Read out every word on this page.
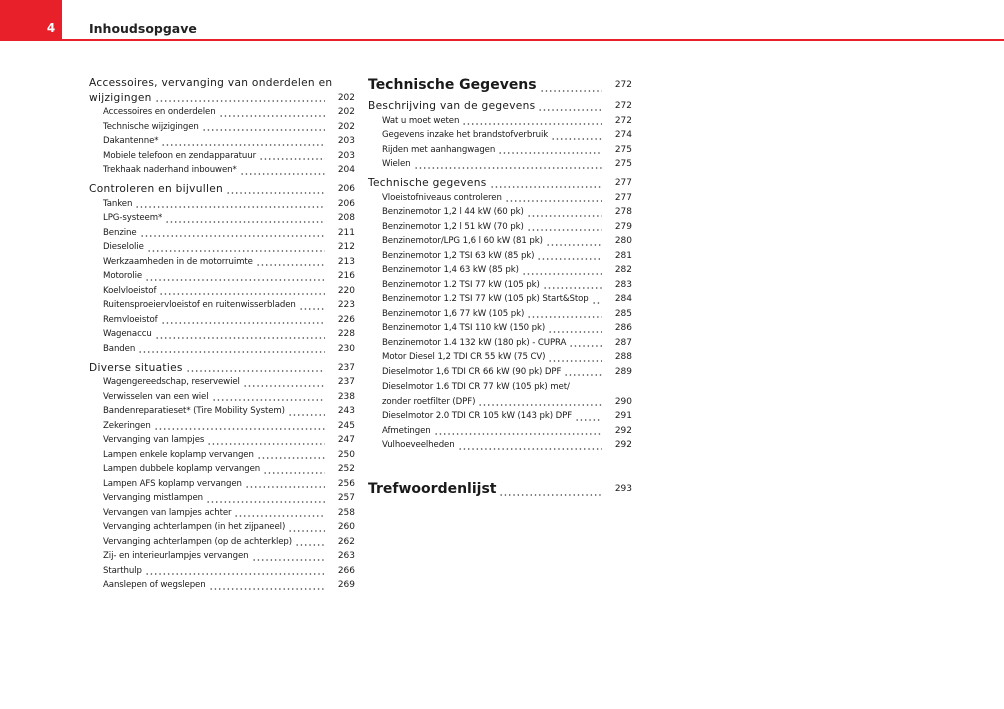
4	Inhoudsopgave
Accessoires, vervanging van onderdelen en
wijzigingen	202
Accessoires en onderdelen	202
Technische wijzigingen	202
Dakantenne*	203
Mobiele telefoon en zendapparatuur	203
Trekhaak naderhand inbouwen*	204
Controleren en bijvullen	206
Tanken	206
LPG-systeem*	208
Benzine	211
Dieselolie	212
Werkzaamheden in de motorruimte	213
Motorolie	216
Koelvloeistof	220
Ruitensproeiervloeistof en ruitenwisserbladen	223
Remvloeistof	226
Wagenaccu	228
Banden	230
Diverse situaties	237
Wagengereedschap, reservewiel	237
Verwisselen van een wiel	238
Bandenreparatieset* (Tire Mobility System)	243
Zekeringen	245
Vervanging van lampjes	247
Lampen enkele koplamp vervangen	250
Lampen dubbele koplamp vervangen	252
Lampen AFS koplamp vervangen	256
Vervanging mistlampen	257
Vervangen van lampjes achter	258
Vervanging achterlampen (in het zijpaneel)	260
Vervanging achterlampen (op de achterklep)	262
Zij- en interieurlampjes vervangen	263
Starthulp	266
Aanslepen of wegslepen	269
Technische Gegevens	272
Beschrijving van de gegevens	272
Wat u moet weten	272
Gegevens inzake het brandstofverbruik	274
Rijden met aanhangwagen	275
Wielen	275
Technische gegevens	277
Vloeistofniveaus controleren	277
Benzinemotor 1,2 l 44 kW (60 pk)	278
Benzinemotor 1,2 l 51 kW (70 pk)	279
Benzinemotor/LPG 1,6 l 60 kW (81 pk)	280
Benzinemotor 1,2 TSI 63 kW (85 pk)	281
Benzinemotor 1,4 63 kW (85 pk)	282
Benzinemotor 1.2 TSI 77 kW (105 pk)	283
Benzinemotor 1.2 TSI 77 kW (105 pk) Start&Stop	284
Benzinemotor 1,6 77 kW (105 pk)	285
Benzinemotor 1,4 TSI 110 kW (150 pk)	286
Benzinemotor 1.4 132 kW (180 pk) - CUPRA	287
Motor Diesel 1,2 TDI CR 55 kW (75 CV)	288
Dieselmotor 1,6 TDI CR 66 kW (90 pk) DPF	289
Dieselmotor 1.6 TDI CR 77 kW (105 pk) met/
zonder roetfilter (DPF)	290
Dieselmotor 2.0 TDI CR 105 kW (143 pk) DPF	291
Afmetingen	292
Vulhoeveelheden	292
Trefwoordenlijst	293
